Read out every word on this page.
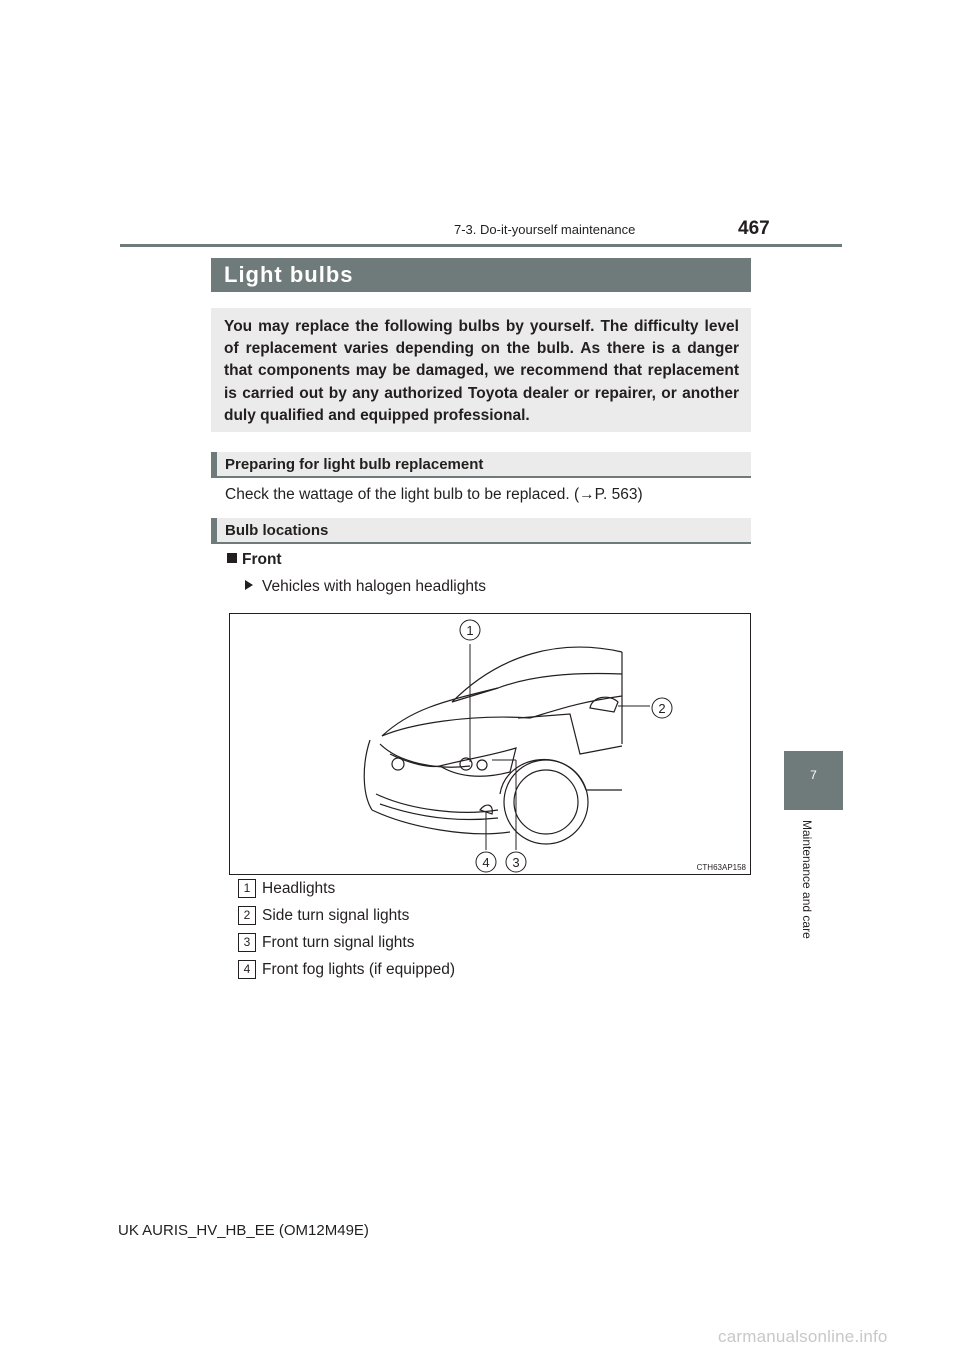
7-3. Do-it-yourself maintenance	467
7
Maintenance and care
Light bulbs
You may replace the following bulbs by yourself. The difficulty level of replacement varies depending on the bulb. As there is a danger that components may be damaged, we recommend that replacement is carried out by any authorized Toyota dealer or repairer, or another duly qualified and equipped professional.
Preparing for light bulb replacement
Check the wattage of the light bulb to be replaced. (→P. 563)
Bulb locations
Front
Vehicles with halogen headlights
1
2
3
4	CTH63AP158
1 Headlights
2 Side turn signal lights
3 Front turn signal lights
4 Front fog lights (if equipped)
UK AURIS_HV_HB_EE (OM12M49E)
carmanualsonline.info
